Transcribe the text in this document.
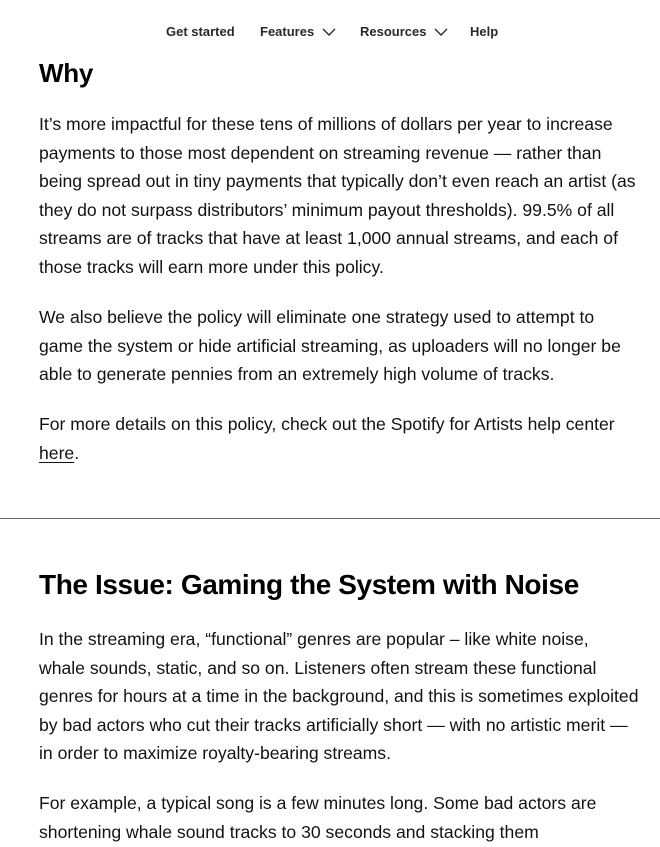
Get started Features	Resources	Help
Why

It’s more impactful for these tens of millions of dollars per year to increase payments to those most dependent on streaming revenue — rather than being spread out in tiny payments that typically don’t even reach an artist (as they do not surpass distributors’ minimum payout thresholds). 99.5% of all streams are of tracks that have at least 1,000 annual streams, and each of those tracks will earn more under this policy.

We also believe the policy will eliminate one strategy used to attempt to game the system or hide artificial streaming, as uploaders will no longer be able to generate pennies from an extremely high volume of tracks.

For more details on this policy, check out the Spotify for Artists help center here.

The Issue: Gaming the System with Noise

In the streaming era, “functional” genres are popular – like white noise, whale sounds, static, and so on. Listeners often stream these functional genres for hours at a time in the background, and this is sometimes exploited by bad actors who cut their tracks artificially short — with no artistic merit — in order to maximize royalty-bearing streams.

For example, a typical song is a few minutes long. Some bad actors are shortening whale sound tracks to 30 seconds and stacking them
